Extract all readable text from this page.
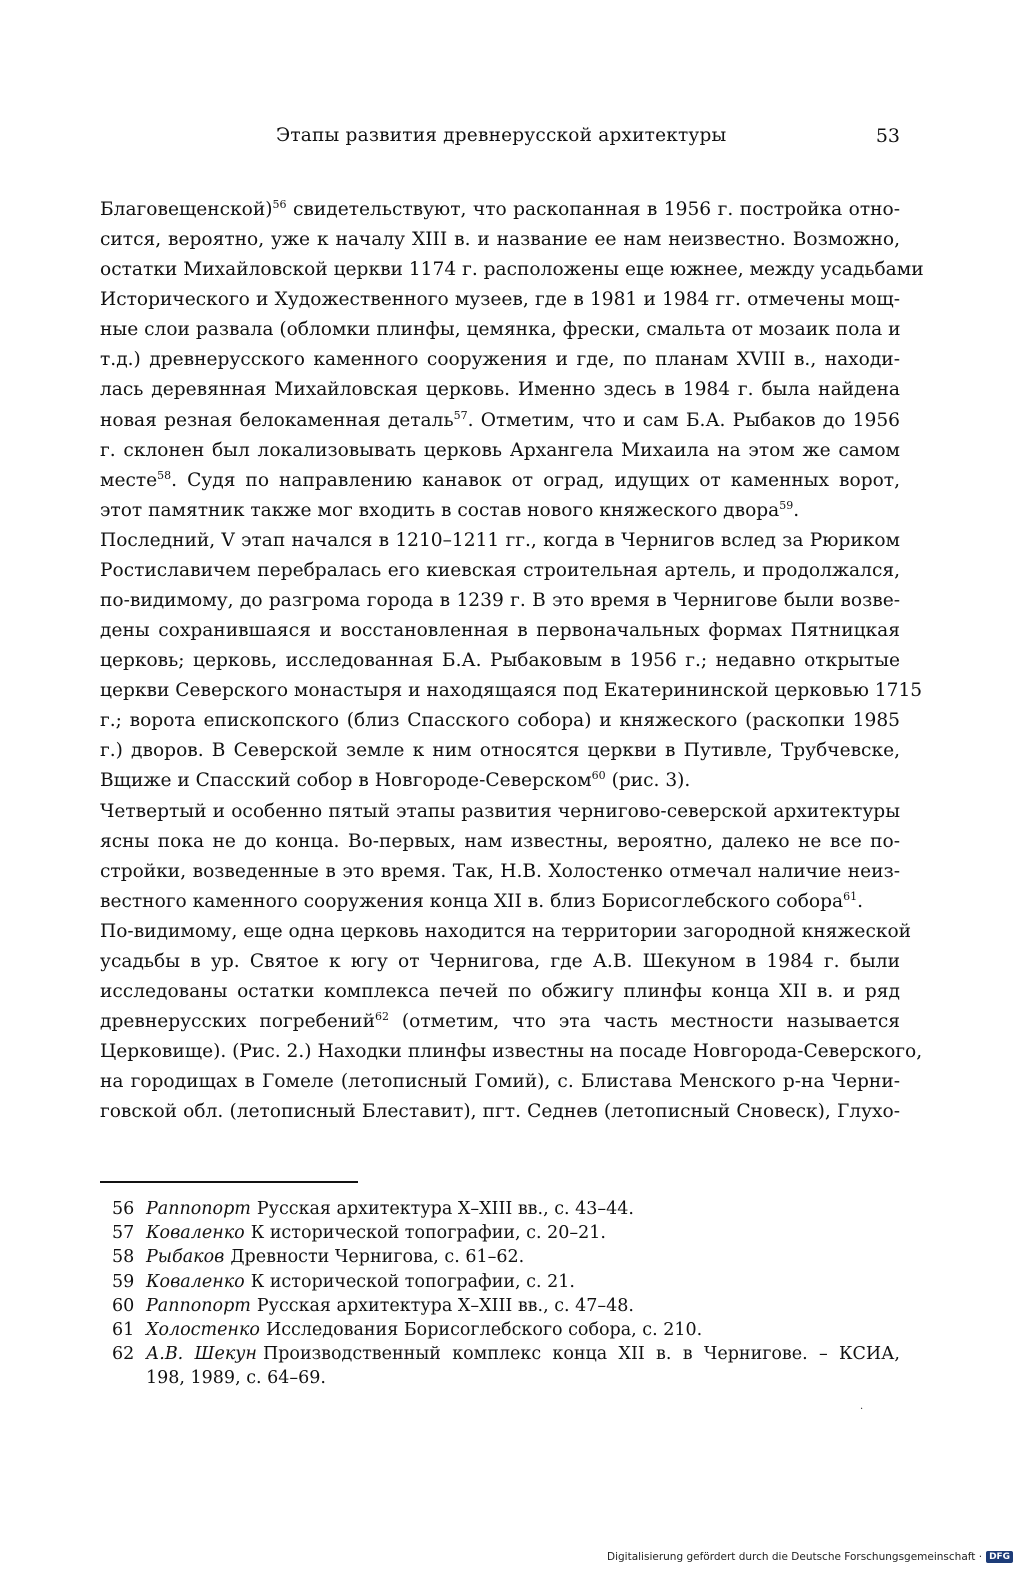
Этапы развития древнерусской архитектуры	53
Благовещенской)$^{56}$ свидетельствуют, что раскопанная в 1956 г. постройка отно-
сится, вероятно, уже к началу XIII в. и название ее нам неизвестно. Возможно,
остатки Михайловской церкви 1174 г. расположены еще южнее, между усадьбами
Исторического и Художественного музеев, где в 1981 и 1984 гг. отмечены мощ-
ные слои развала (обломки плинфы, цемянка, фрески, смальта от мозаик пола и
т.д.) древнерусского каменного сооружения и где, по планам XVIII в., находи-
лась деревянная Михайловская церковь. Именно здесь в 1984 г. была найдена
новая резная белокаменная деталь$^{57}$. Отметим, что и сам Б.А. Рыбаков до 1956
г. склонен был локализовывать церковь Архангела Михаила на этом же самом
месте$^{58}$. Судя по направлению канавок от оград, идущих от каменных ворот,
этот памятник также мог входить в состав нового княжеского двора$^{59}$.
Последний, V этап начался в 1210–1211 гг., когда в Чернигов вслед за Рюриком
Ростиславичем перебралась его киевская строительная артель, и продолжался,
по-видимому, до разгрома города в 1239 г. В это время в Чернигове были возве-
дены сохранившаяся и восстановленная в первоначальных формах Пятницкая
церковь; церковь, исследованная Б.А. Рыбаковым в 1956 г.; недавно открытые
церкви Северского монастыря и находящаяся под Екатерининской церковью 1715
г.; ворота епископского (близ Спасского собора) и княжеского (раскопки 1985
г.) дворов. В Северской земле к ним относятся церкви в Путивле, Трубчевске,
Вщиже и Спасский собор в Новгороде-Северском$^{60}$ (рис. 3).
Четвертый и особенно пятый этапы развития чернигово-северской архитектуры
ясны пока не до конца. Во-первых, нам известны, вероятно, далеко не все по-
стройки, возведенные в это время. Так, Н.В. Холостенко отмечал наличие неиз-
вестного каменного сооружения конца XII в. близ Борисоглебского собора$^{61}$.
По-видимому, еще одна церковь находится на территории загородной княжеской
усадьбы в ур. Святое к югу от Чернигова, где А.В. Шекуном в 1984 г. были
исследованы остатки комплекса печей по обжигу плинфы конца XII в. и ряд
древнерусских погребений$^{62}$ (отметим, что эта часть местности называется
Церковище). (Рис. 2.) Находки плинфы известны на посаде Новгорода-Северского,
на городищах в Гомеле (летописный Гомий), с. Блистава Менского р-на Черни-
говской обл. (летописный Блеставит), пгт. Седнев (летописный Сновеск), Глухо-
56 Раппопорт Русская архитектура X–XIII вв., с. 43–44.
57 Коваленко К исторической топографии, с. 20–21.
58 Рыбаков Древности Чернигова, с. 61–62.
59 Коваленко К исторической топографии, с. 21.
60 Раппопорт Русская архитектура X–XIII вв., с. 47–48.
61 Холостенко Исследования Борисоглебского собора, с. 210.
62 А.В. Шекун Производственный комплекс конца XII в. в Чернигове. – КСИА,
198, 1989, с. 64–69.
·
Digitalisierung gefördert durch die Deutsche Forschungsgemeinschaft · DFG
